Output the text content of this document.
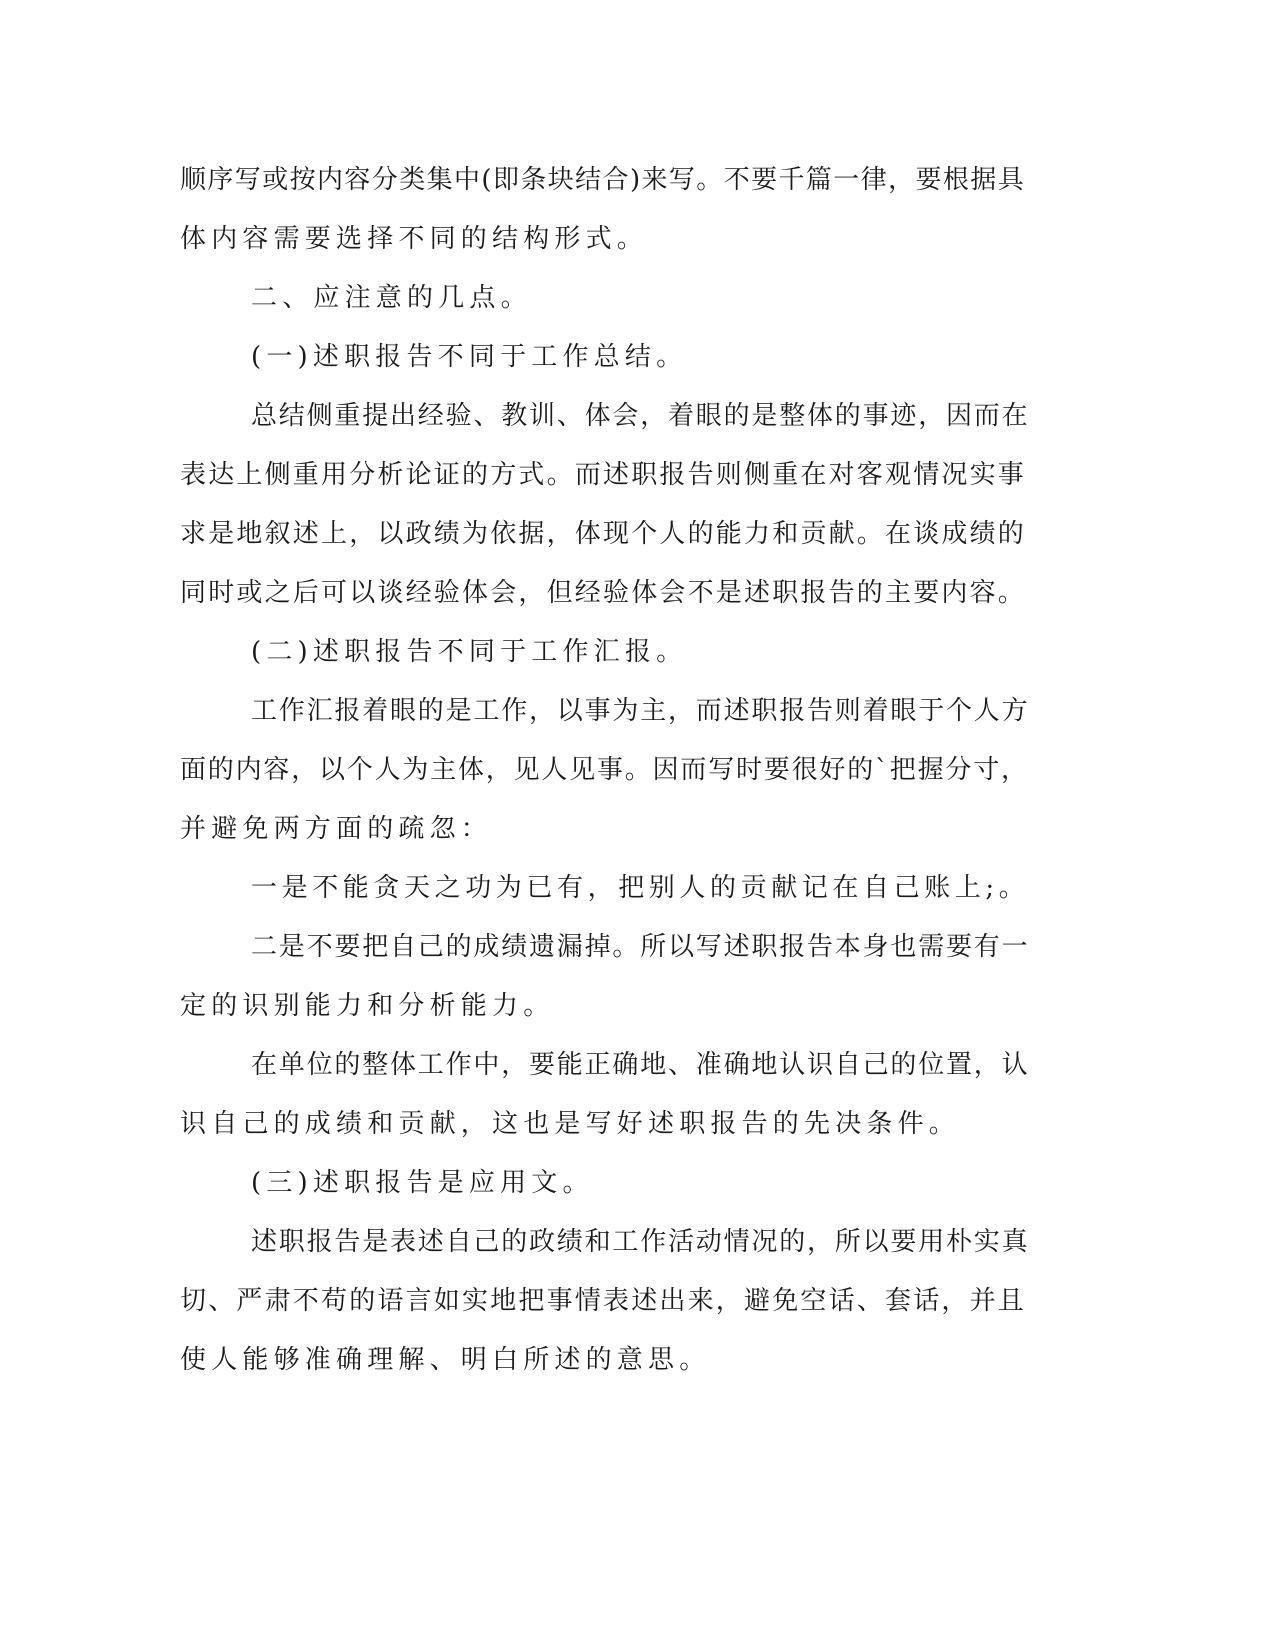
顺序写或按内容分类集中(即条块结合)来写。不要千篇一律，要根据具

体内容需要选择不同的结构形式。

二、应注意的几点。

(一)述职报告不同于工作总结。

总结侧重提出经验、教训、体会，着眼的是整体的事迹，因而在

表达上侧重用分析论证的方式。而述职报告则侧重在对客观情况实事

求是地叙述上，以政绩为依据，体现个人的能力和贡献。在谈成绩的

同时或之后可以谈经验体会，但经验体会不是述职报告的主要内容。

(二)述职报告不同于工作汇报。

工作汇报着眼的是工作，以事为主，而述职报告则着眼于个人方

面的内容，以个人为主体，见人见事。因而写时要很好的`把握分寸，

并避免两方面的疏忽：

一是不能贪天之功为已有，把别人的贡献记在自己账上;。

二是不要把自己的成绩遗漏掉。所以写述职报告本身也需要有一

定的识别能力和分析能力。

在单位的整体工作中，要能正确地、准确地认识自己的位置，认

识自己的成绩和贡献，这也是写好述职报告的先决条件。

(三)述职报告是应用文。

述职报告是表述自己的政绩和工作活动情况的，所以要用朴实真

切、严肃不苟的语言如实地把事情表述出来，避免空话、套话，并且

使人能够准确理解、明白所述的意思。
